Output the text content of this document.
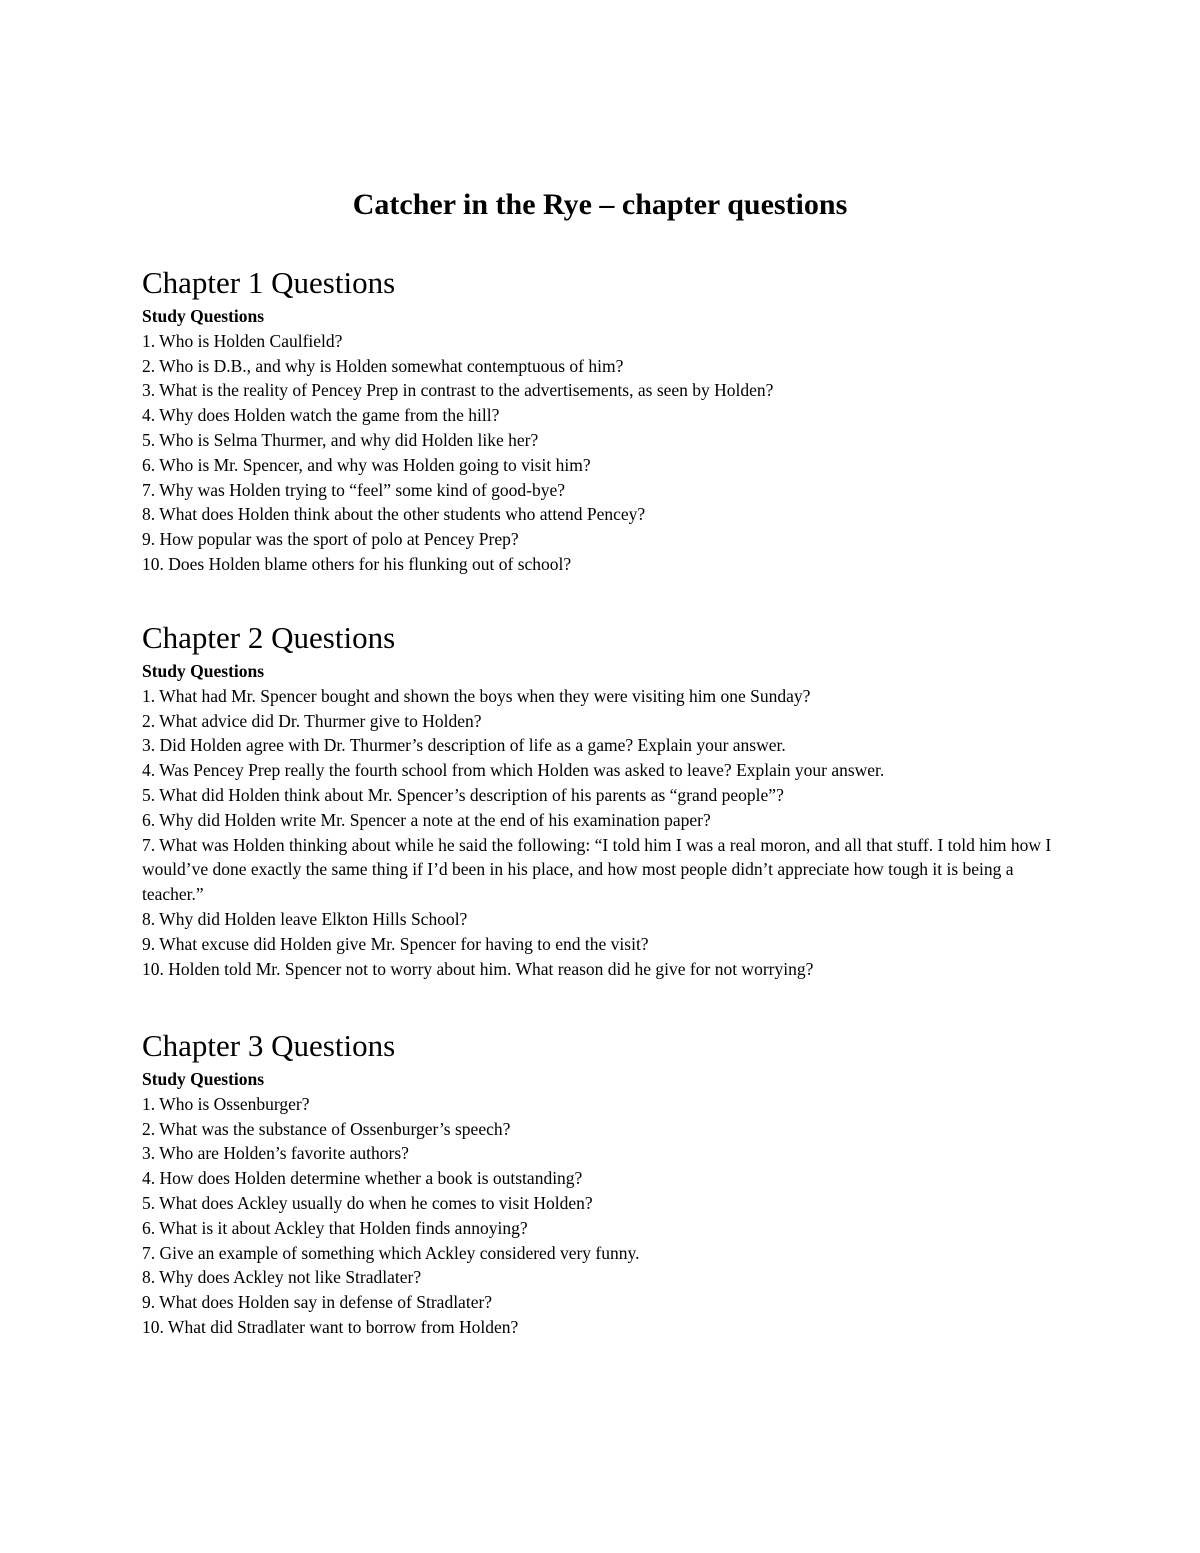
Catcher in the Rye – chapter questions
Chapter 1 Questions
Study Questions
1. Who is Holden Caulfield?
2. Who is D.B., and why is Holden somewhat contemptuous of him?
3. What is the reality of Pencey Prep in contrast to the advertisements, as seen by Holden?
4. Why does Holden watch the game from the hill?
5. Who is Selma Thurmer, and why did Holden like her?
6. Who is Mr. Spencer, and why was Holden going to visit him?
7. Why was Holden trying to “feel” some kind of good-bye?
8. What does Holden think about the other students who attend Pencey?
9. How popular was the sport of polo at Pencey Prep?
10. Does Holden blame others for his flunking out of school?
Chapter 2 Questions
Study Questions
1. What had Mr. Spencer bought and shown the boys when they were visiting him one Sunday?
2. What advice did Dr. Thurmer give to Holden?
3. Did Holden agree with Dr. Thurmer’s description of life as a game? Explain your answer.
4. Was Pencey Prep really the fourth school from which Holden was asked to leave? Explain your answer.
5. What did Holden think about Mr. Spencer’s description of his parents as “grand people”?
6. Why did Holden write Mr. Spencer a note at the end of his examination paper?
7. What was Holden thinking about while he said the following: “I told him I was a real moron, and all that stuff. I told him how I would’ve done exactly the same thing if I’d been in his place, and how most people didn’t appreciate how tough it is being a teacher.”
8. Why did Holden leave Elkton Hills School?
9. What excuse did Holden give Mr. Spencer for having to end the visit?
10. Holden told Mr. Spencer not to worry about him. What reason did he give for not worrying?
Chapter 3 Questions
Study Questions
1. Who is Ossenburger?
2. What was the substance of Ossenburger’s speech?
3. Who are Holden’s favorite authors?
4. How does Holden determine whether a book is outstanding?
5. What does Ackley usually do when he comes to visit Holden?
6. What is it about Ackley that Holden finds annoying?
7. Give an example of something which Ackley considered very funny.
8. Why does Ackley not like Stradlater?
9. What does Holden say in defense of Stradlater?
10. What did Stradlater want to borrow from Holden?
